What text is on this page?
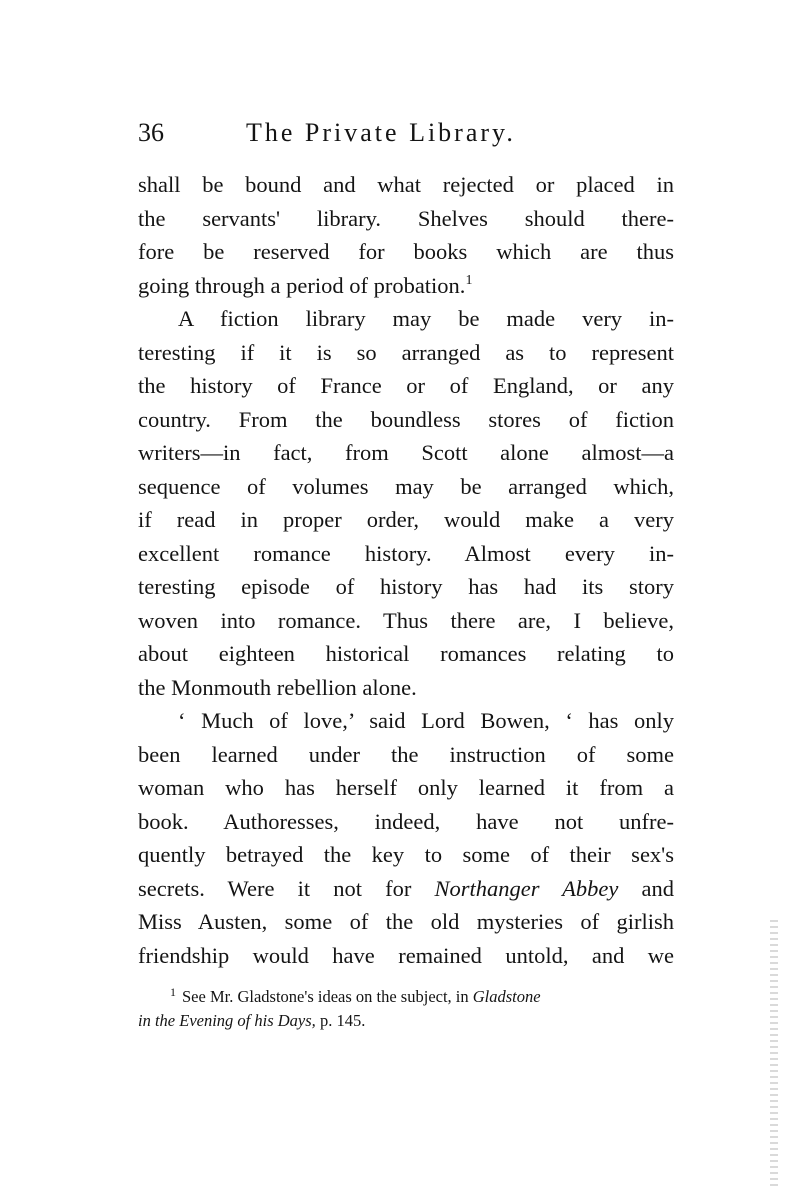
36	The Private Library.
shall be bound and what rejected or placed in
the servants' library. Shelves should there-
fore be reserved for books which are thus
going through a period of probation.$^1$
A fiction library may be made very in-
teresting if it is so arranged as to represent
the history of France or of England, or any
country. From the boundless stores of fiction
writers—in fact, from Scott alone almost—a
sequence of volumes may be arranged which,
if read in proper order, would make a very
excellent romance history. Almost every in-
teresting episode of history has had its story
woven into romance. Thus there are, I believe,
about eighteen historical romances relating to
the Monmouth rebellion alone.
‘ Much of love,’ said Lord Bowen, ‘ has only
been learned under the instruction of some
woman who has herself only learned it from a
book. Authoresses, indeed, have not unfre-
quently betrayed the key to some of their sex's
secrets. Were it not for Northanger Abbey and
Miss Austen, some of the old mysteries of girlish
friendship would have remained untold, and we
$^1$ See Mr. Gladstone's ideas on the subject, in Gladstone
in the Evening of his Days, p. 145.
